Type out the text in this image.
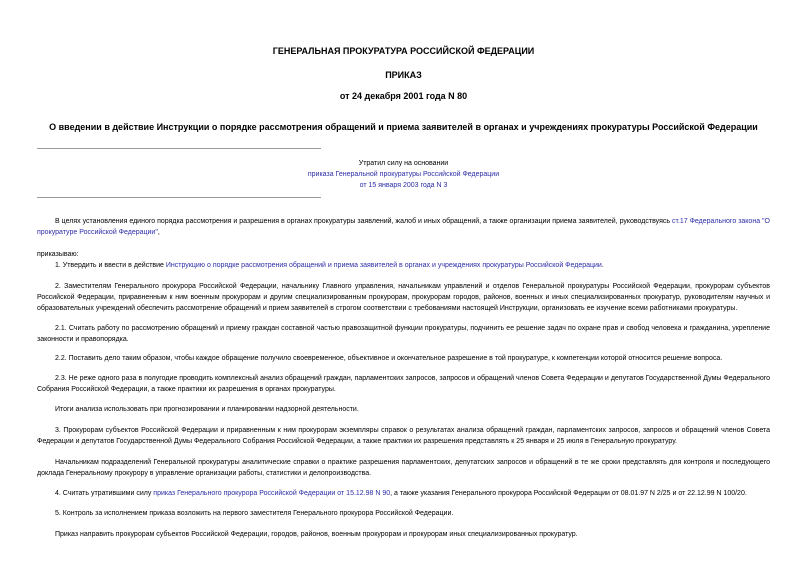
ГЕНЕРАЛЬНАЯ ПРОКУРАТУРА РОССИЙСКОЙ ФЕДЕРАЦИИ
ПРИКАЗ
от 24 декабря 2001 года N 80
О введении в действие Инструкции о порядке рассмотрения обращений и приема заявителей в органах и учреждениях прокуратуры Российской Федерации
Утратил силу на основании
приказа Генеральной прокуратуры Российской Федерации
от 15 января 2003 года N 3

В целях установления единого порядка рассмотрения и разрешения в органах прокуратуры заявлений, жалоб и иных обращений, а также организации приема заявителей, руководствуясь ст.17 Федерального закона "О прокуратуре Российской Федерации",

приказываю:

1. Утвердить и ввести в действие Инструкцию о порядке рассмотрения обращений и приема заявителей в органах и учреждениях прокуратуры Российской Федерации.

2. Заместителям Генерального прокурора Российской Федерации, начальнику Главного управления, начальникам управлений и отделов Генеральной прокуратуры Российской Федерации, прокурорам субъектов Российской Федерации, приравненным к ним военным прокурорам и другим специализированным прокурорам, прокурорам городов, районов, военных и иных специализированных прокуратур, руководителям научных и образовательных учреждений обеспечить рассмотрение обращений и прием заявителей в строгом соответствии с требованиями настоящей Инструкции, организовать ее изучение всеми работниками прокуратуры.

2.1. Считать работу по рассмотрению обращений и приему граждан составной частью правозащитной функции прокуратуры, подчинить ее решение задач по охране прав и свобод человека и гражданина, укрепление законности и правопорядка.

2.2. Поставить дело таким образом, чтобы каждое обращение получило своевременное, объективное и окончательное разрешение в той прокуратуре, к компетенции которой относится решение вопроса.

2.3. Не реже одного раза в полугодие проводить комплексный анализ обращений граждан, парламентских запросов, запросов и обращений членов Совета Федерации и депутатов Государственной Думы Федерального Собрания Российской Федерации, а также практики их разрешения в органах прокуратуры.

Итоги анализа использовать при прогнозировании и планировании надзорной деятельности.

3. Прокурорам субъектов Российской Федерации и приравненным к ним прокурорам экземпляры справок о результатах анализа обращений граждан, парламентских запросов, запросов и обращений членов Совета Федерации и депутатов Государственной Думы Федерального Собрания Российской Федерации, а также практики их разрешения представлять к 25 января и 25 июля в Генеральную прокуратуру.

Начальникам подразделений Генеральной прокуратуры аналитические справки о практике разрешения парламентских, депутатских запросов и обращений в те же сроки представлять для контроля и последующего доклада Генеральному прокурору в управление организации работы, статистики и делопроизводства.

4. Считать утратившими силу приказ Генерального прокурора Российской Федерации от 15.12.98 N 90, а также указания Генерального прокурора Российской Федерации от 08.01.97 N 2/25 и от 22.12.99 N 100/20.

5. Контроль за исполнением приказа возложить на первого заместителя Генерального прокурора Российской Федерации.

Приказ направить прокурорам субъектов Российской Федерации, городов, районов, военным прокурорам и прокурорам иных специализированных прокуратур.
